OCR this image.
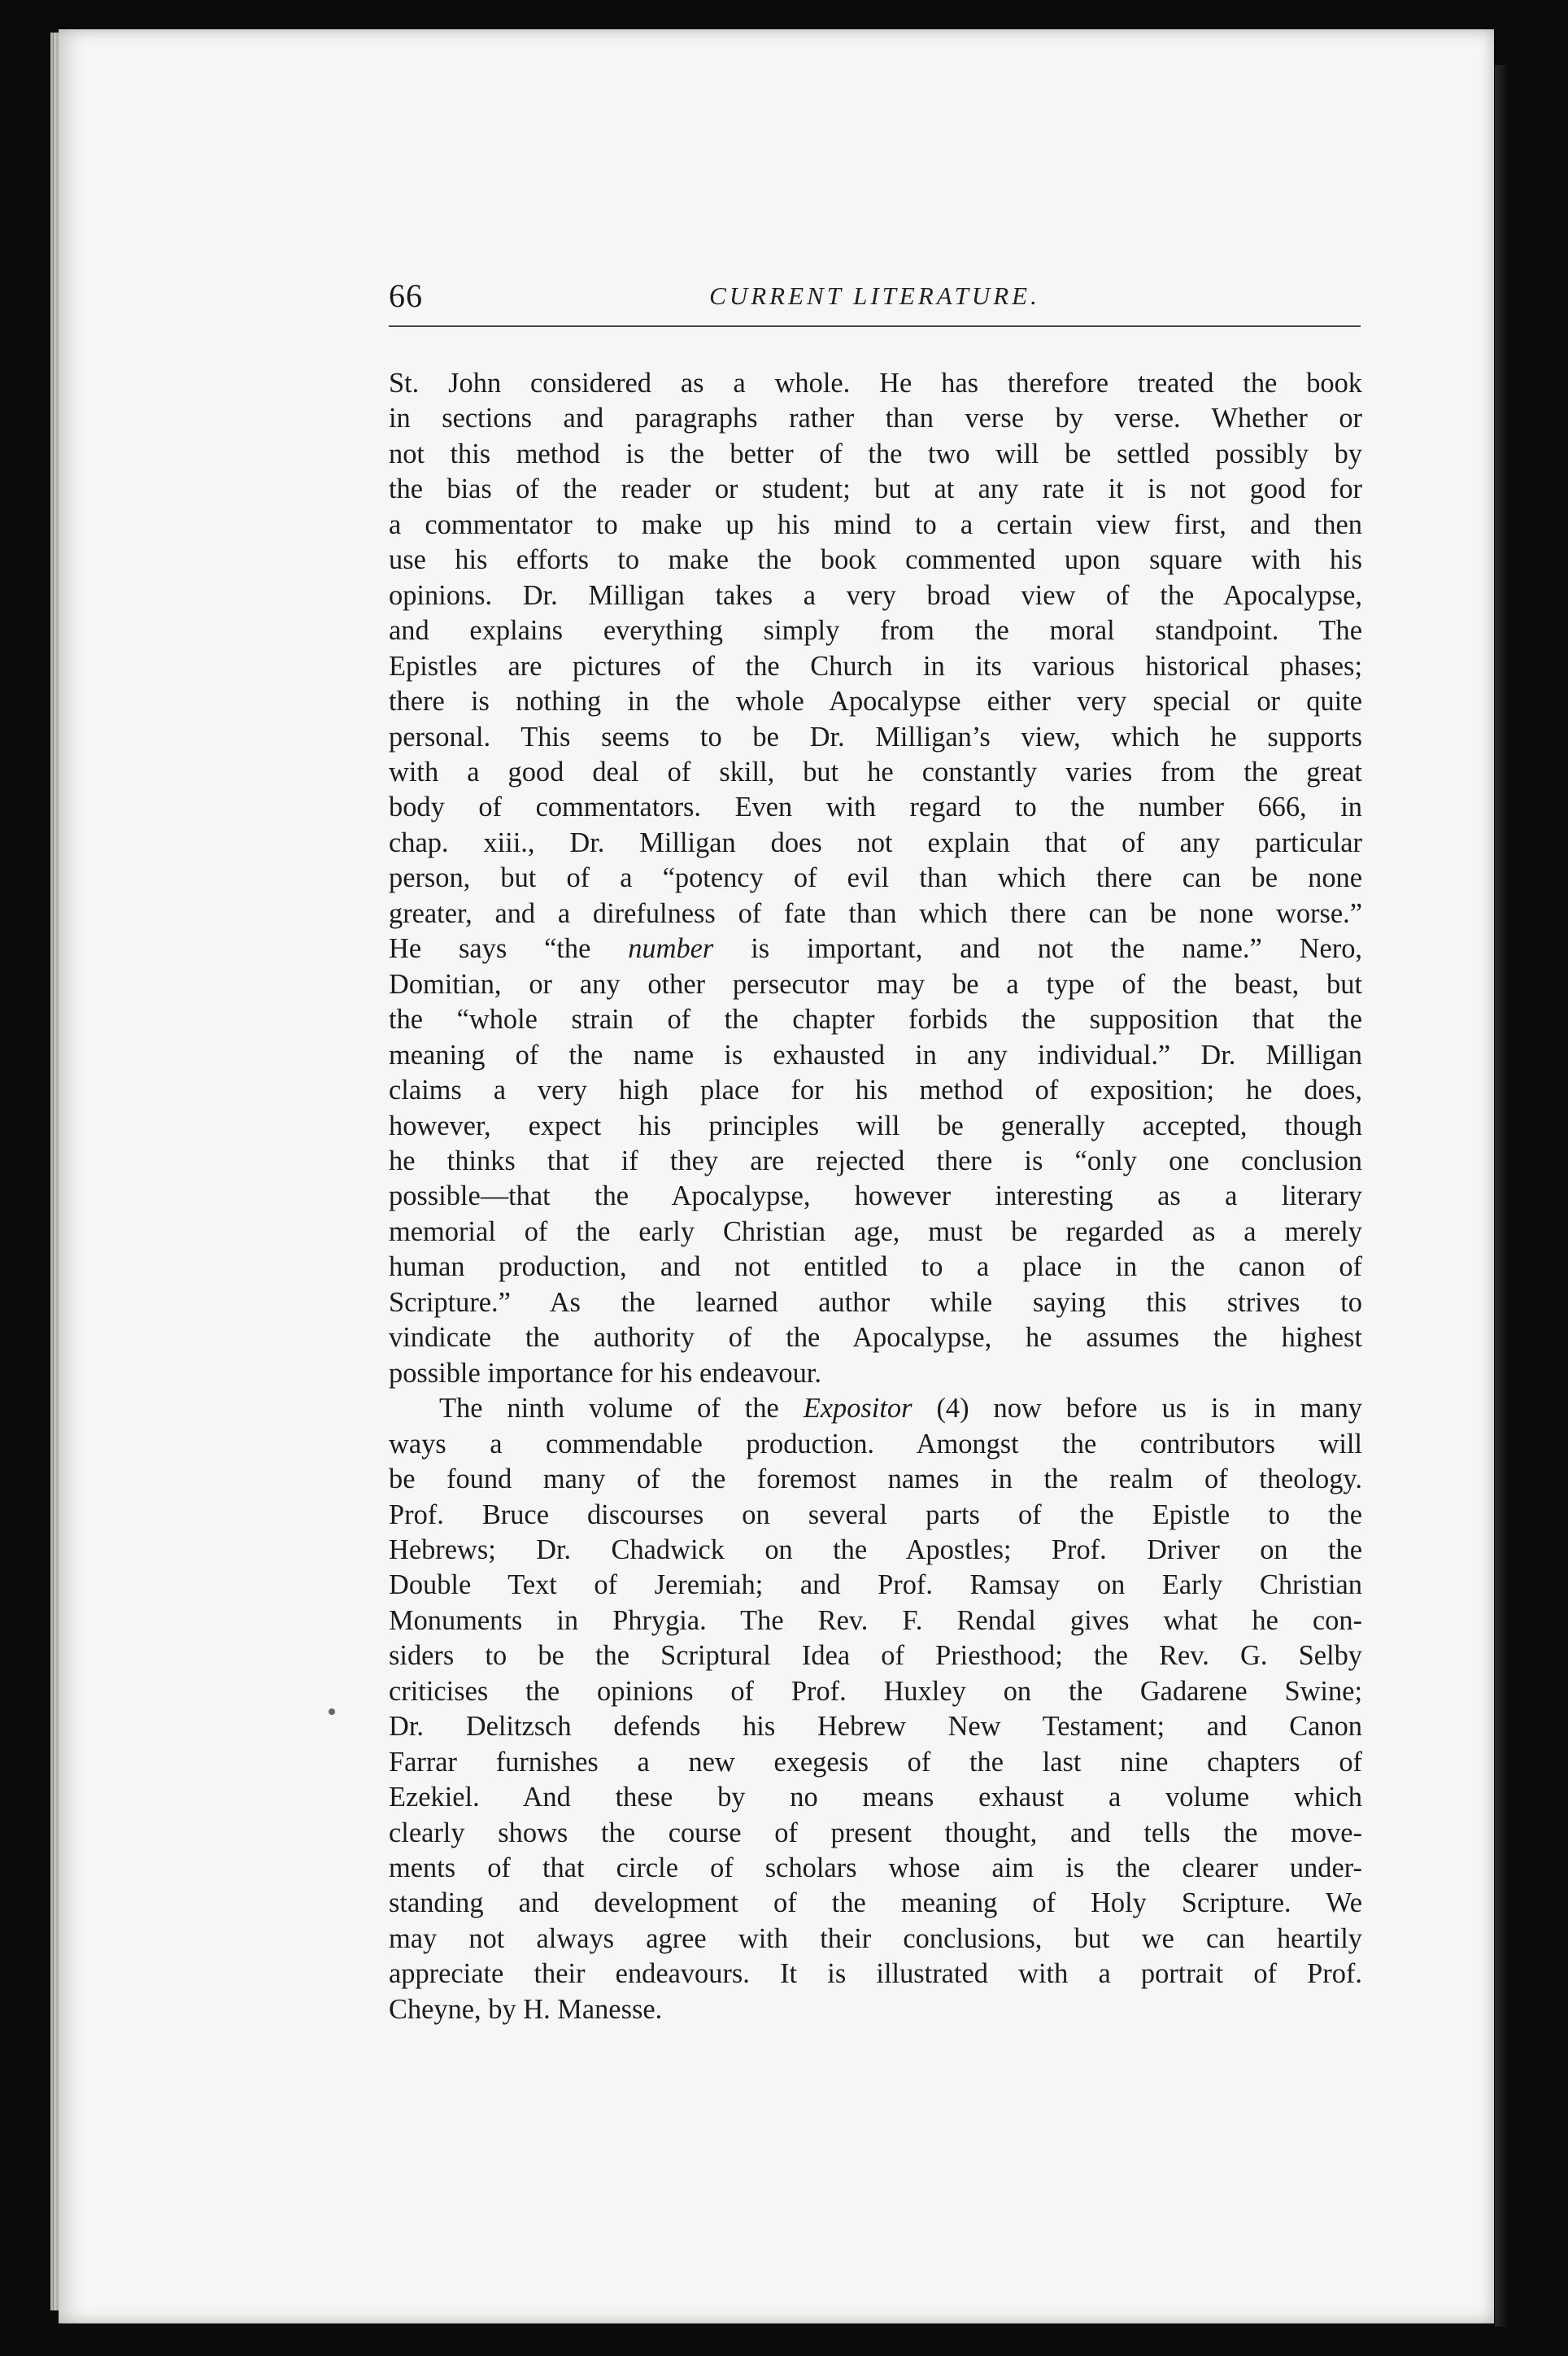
66	CURRENT LITERATURE.
St. John considered as a whole. He has therefore treated the book
in sections and paragraphs rather than verse by verse. Whether or
not this method is the better of the two will be settled possibly by
the bias of the reader or student; but at any rate it is not good for
a commentator to make up his mind to a certain view first, and then
use his efforts to make the book commented upon square with his
opinions. Dr. Milligan takes a very broad view of the Apocalypse,
and explains everything simply from the moral standpoint. The
Epistles are pictures of the Church in its various historical phases;
there is nothing in the whole Apocalypse either very special or quite
personal. This seems to be Dr. Milligan’s view, which he supports
with a good deal of skill, but he constantly varies from the great
body of commentators. Even with regard to the number 666, in
chap. xiii., Dr. Milligan does not explain that of any particular
person, but of a “potency of evil than which there can be none
greater, and a direfulness of fate than which there can be none worse.”
He says “the number is important, and not the name.” Nero,
Domitian, or any other persecutor may be a type of the beast, but
the “whole strain of the chapter forbids the supposition that the
meaning of the name is exhausted in any individual.” Dr. Milligan
claims a very high place for his method of exposition; he does,
however, expect his principles will be generally accepted, though
he thinks that if they are rejected there is “only one conclusion
possible—that the Apocalypse, however interesting as a literary
memorial of the early Christian age, must be regarded as a merely
human production, and not entitled to a place in the canon of
Scripture.” As the learned author while saying this strives to
vindicate the authority of the Apocalypse, he assumes the highest
possible importance for his endeavour.
The ninth volume of the Expositor (4) now before us is in many
ways a commendable production. Amongst the contributors will
be found many of the foremost names in the realm of theology.
Prof. Bruce discourses on several parts of the Epistle to the
Hebrews; Dr. Chadwick on the Apostles; Prof. Driver on the
Double Text of Jeremiah; and Prof. Ramsay on Early Christian
Monuments in Phrygia. The Rev. F. Rendal gives what he con-
siders to be the Scriptural Idea of Priesthood; the Rev. G. Selby
criticises the opinions of Prof. Huxley on the Gadarene Swine;
Dr. Delitzsch defends his Hebrew New Testament; and Canon
Farrar furnishes a new exegesis of the last nine chapters of
Ezekiel. And these by no means exhaust a volume which
clearly shows the course of present thought, and tells the move-
ments of that circle of scholars whose aim is the clearer under-
standing and development of the meaning of Holy Scripture. We
may not always agree with their conclusions, but we can heartily
appreciate their endeavours. It is illustrated with a portrait of Prof.
Cheyne, by H. Manesse.
